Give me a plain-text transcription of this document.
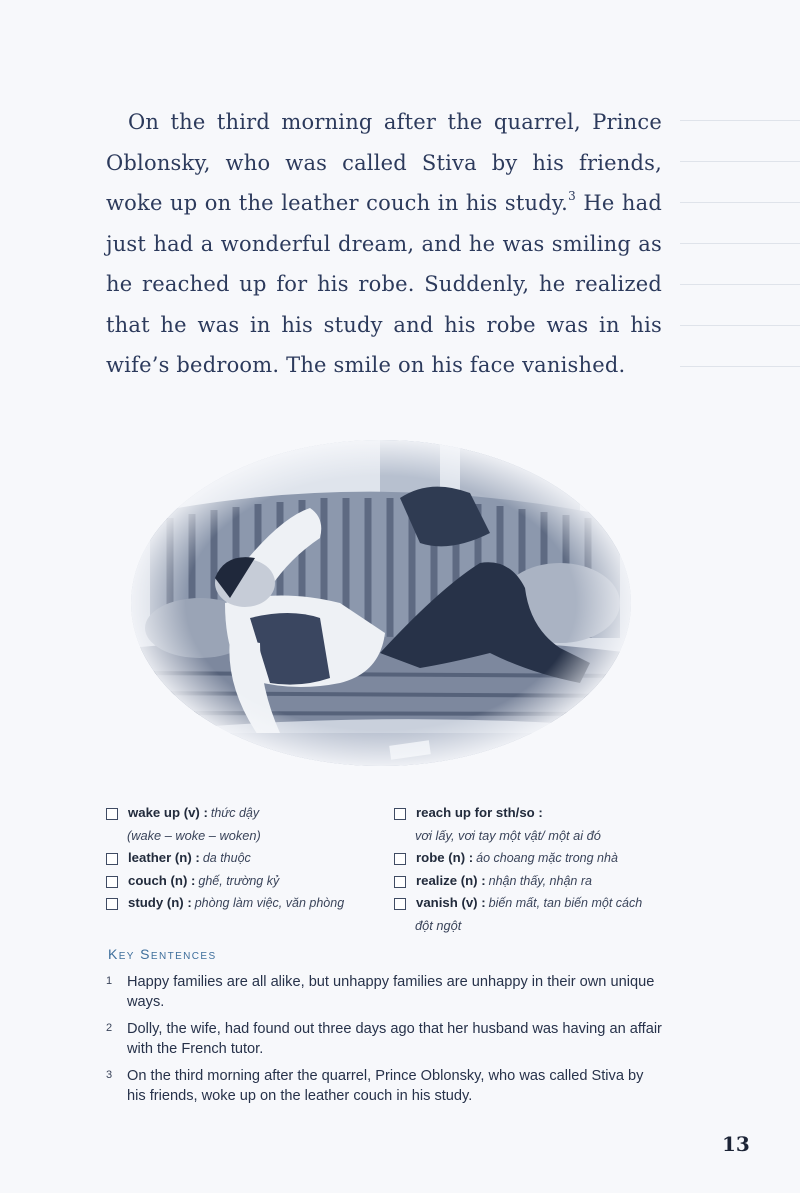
On the third morning after the quarrel, Prince Oblonsky, who was called Stiva by his friends, woke up on the leather couch in his study.$^3$ He had just had a wonderful dream, and he was smiling as he reached up for his robe. Suddenly, he realized that he was in his study and his robe was in his wife’s bedroom. The smile on his face vanished.

wake up (v) : thức dậy
(wake – woke – woken)
leather (n) : da thuộc
couch (n) : ghế, trường kỷ
study (n) : phòng làm việc, văn phòng
reach up for sth/so :
vơi lấy, vơi tay một vật/ một ai đó
robe (n) : áo choang mặc trong nhà
realize (n) : nhận thấy, nhận ra
vanish (v) : biến mất, tan biến một cách
đột ngột
Key Sentences
1	Happy families are all alike, but unhappy families are unhappy in their own unique ways.
2	Dolly, the wife, had found out three days ago that her husband was having an affair with the French tutor.
3	On the third morning after the quarrel, Prince Oblonsky, who was called Stiva by his friends, woke up on the leather couch in his study.
13
